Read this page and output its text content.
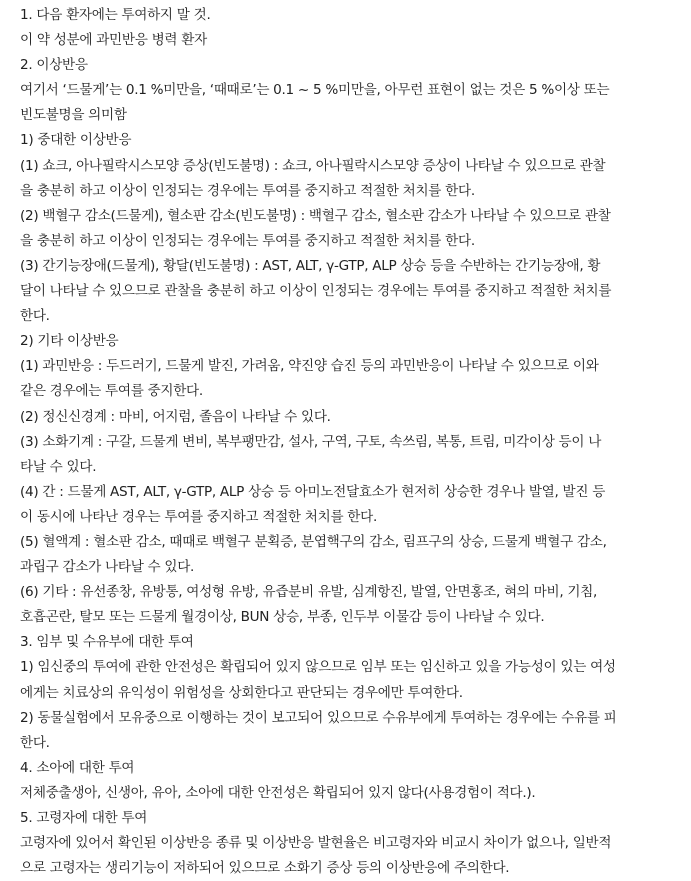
1. 다음 환자에는 투여하지 말 것.
이 약 성분에 과민반응 병력 환자
2. 이상반응
여기서 ‘드물게’는 0.1 %미만을, ‘때때로’는 0.1 ~ 5 %미만을, 아무런 표현이 없는 것은 5 %이상 또는
빈도불명을 의미함
1) 중대한 이상반응
(1) 쇼크, 아나필락시스모양 증상(빈도불명) : 쇼크, 아나필락시스모양 증상이 나타날 수 있으므로 관찰
을 충분히 하고 이상이 인정되는 경우에는 투여를 중지하고 적절한 처치를 한다.
(2) 백혈구 감소(드물게), 혈소판 감소(빈도불명) : 백혈구 감소, 혈소판 감소가 나타날 수 있으므로 관찰
을 충분히 하고 이상이 인정되는 경우에는 투여를 중지하고 적절한 처치를 한다.
(3) 간기능장애(드물게), 황달(빈도불명) : AST, ALT, γ-GTP, ALP 상승 등을 수반하는 간기능장애, 황
달이 나타날 수 있으므로 관찰을 충분히 하고 이상이 인정되는 경우에는 투여를 중지하고 적절한 처치를
한다.
2) 기타 이상반응
(1) 과민반응 : 두드러기, 드물게 발진, 가려움, 약진양 습진 등의 과민반응이 나타날 수 있으므로 이와
같은 경우에는 투여를 중지한다.
(2) 정신신경계 : 마비, 어지럼, 졸음이 나타날 수 있다.
(3) 소화기계 : 구갈, 드물게 변비, 복부팽만감, 설사, 구역, 구토, 속쓰림, 복통, 트림, 미각이상 등이 나
타날 수 있다.
(4) 간 : 드물게 AST, ALT, γ-GTP, ALP 상승 등 아미노전달효소가 현저히 상승한 경우나 발열, 발진 등
이 동시에 나타난 경우는 투여를 중지하고 적절한 처치를 한다.
(5) 혈액계 : 혈소판 감소, 때때로 백혈구 분획증, 분엽핵구의 감소, 림프구의 상승, 드물게 백혈구 감소,
과립구 감소가 나타날 수 있다.
(6) 기타 : 유선종창, 유방통, 여성형 유방, 유즙분비 유발, 심계항진, 발열, 안면홍조, 혀의 마비, 기침,
호흡곤란, 탈모 또는 드물게 월경이상, BUN 상승, 부종, 인두부 이물감 등이 나타날 수 있다.
3. 임부 및 수유부에 대한 투여
1) 임신중의 투여에 관한 안전성은 확립되어 있지 않으므로 임부 또는 임신하고 있을 가능성이 있는 여성
에게는 치료상의 유익성이 위험성을 상회한다고 판단되는 경우에만 투여한다.
2) 동물실험에서 모유중으로 이행하는 것이 보고되어 있으므로 수유부에게 투여하는 경우에는 수유를 피
한다.
4. 소아에 대한 투여
저체중출생아, 신생아, 유아, 소아에 대한 안전성은 확립되어 있지 않다(사용경험이 적다.).
5. 고령자에 대한 투여
고령자에 있어서 확인된 이상반응 종류 및 이상반응 발현율은 비고령자와 비교시 차이가 없으나, 일반적
으로 고령자는 생리기능이 저하되어 있으므로 소화기 증상 등의 이상반응에 주의한다.
